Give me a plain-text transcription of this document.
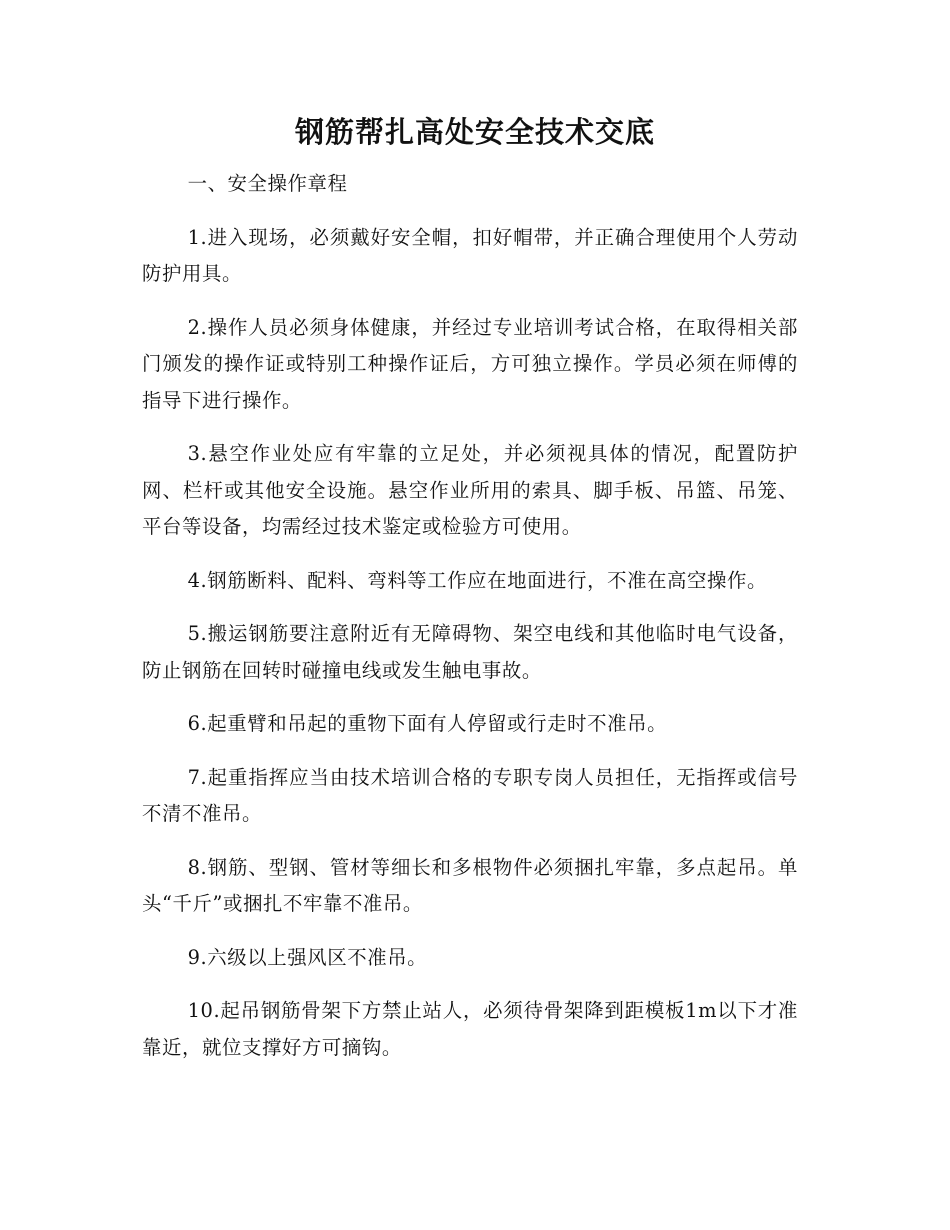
钢筋帮扎高处安全技术交底

一、安全操作章程

1.进入现场，必须戴好安全帽，扣好帽带，并正确合理使用个人劳动防护用具。

2.操作人员必须身体健康，并经过专业培训考试合格，在取得相关部门颁发的操作证或特别工种操作证后，方可独立操作。学员必须在师傅的指导下进行操作。

3.悬空作业处应有牢靠的立足处，并必须视具体的情况，配置防护网、栏杆或其他安全设施。悬空作业所用的索具、脚手板、吊篮、吊笼、平台等设备，均需经过技术鉴定或检验方可使用。

4.钢筋断料、配料、弯料等工作应在地面进行，不准在高空操作。

5.搬运钢筋要注意附近有无障碍物、架空电线和其他临时电气设备，防止钢筋在回转时碰撞电线或发生触电事故。

6.起重臂和吊起的重物下面有人停留或行走时不准吊。

7.起重指挥应当由技术培训合格的专职专岗人员担任，无指挥或信号不清不准吊。

8.钢筋、型钢、管材等细长和多根物件必须捆扎牢靠，多点起吊。单头“千斤”或捆扎不牢靠不准吊。

9.六级以上强风区不准吊。

10.起吊钢筋骨架下方禁止站人，必须待骨架降到距模板1m以下才准靠近，就位支撑好方可摘钩。
